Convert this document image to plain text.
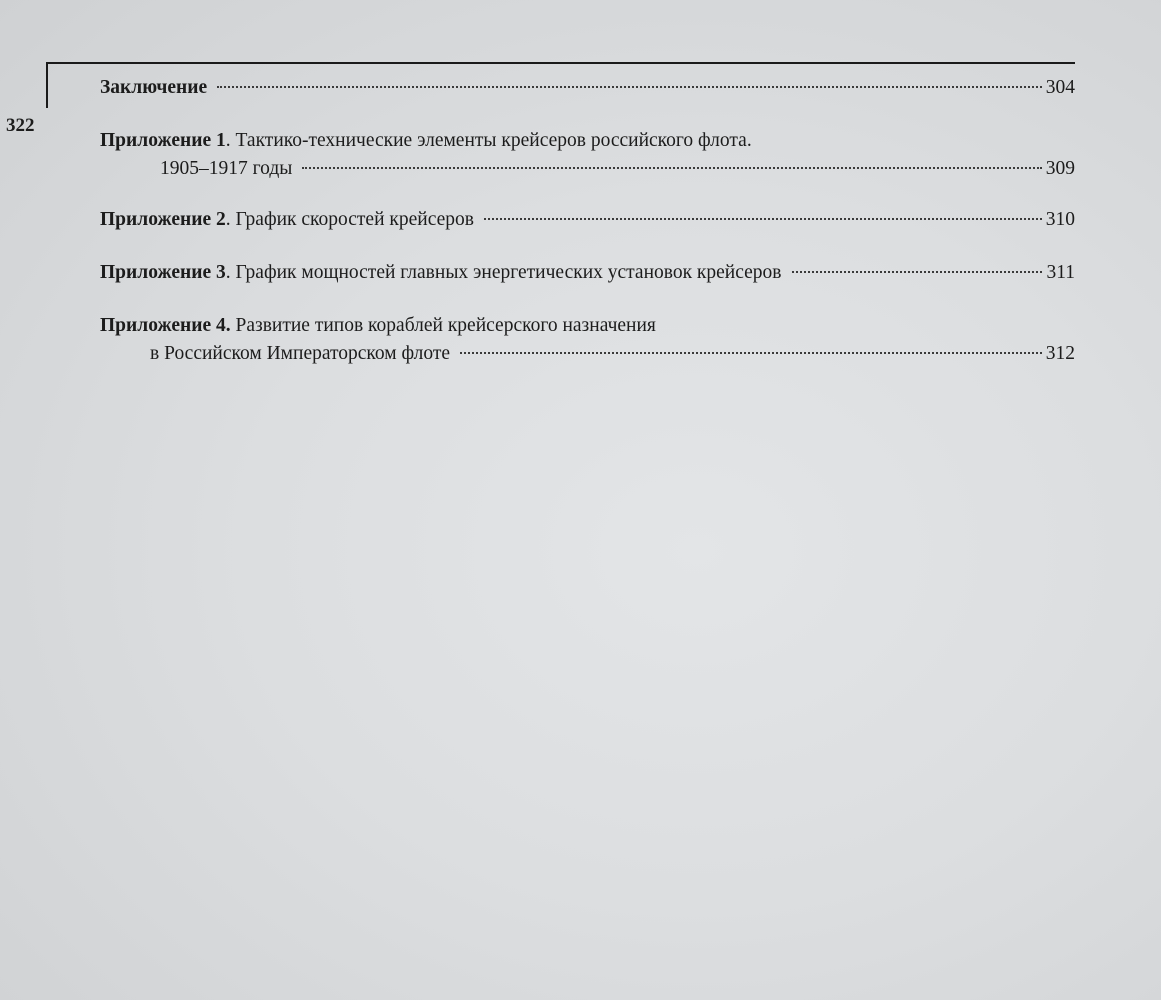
322
Заключение	304
Приложение 1 . Тактико-технические элементы крейсеров российского флота.
1905–1917 годы	309
Приложение 2 . График скоростей крейсеров	310
Приложение 3 . График мощностей главных энергетических установок крейсеров	311
Приложение 4. Развитие типов кораблей крейсерского назначения
в Российском Императорском флоте	312
